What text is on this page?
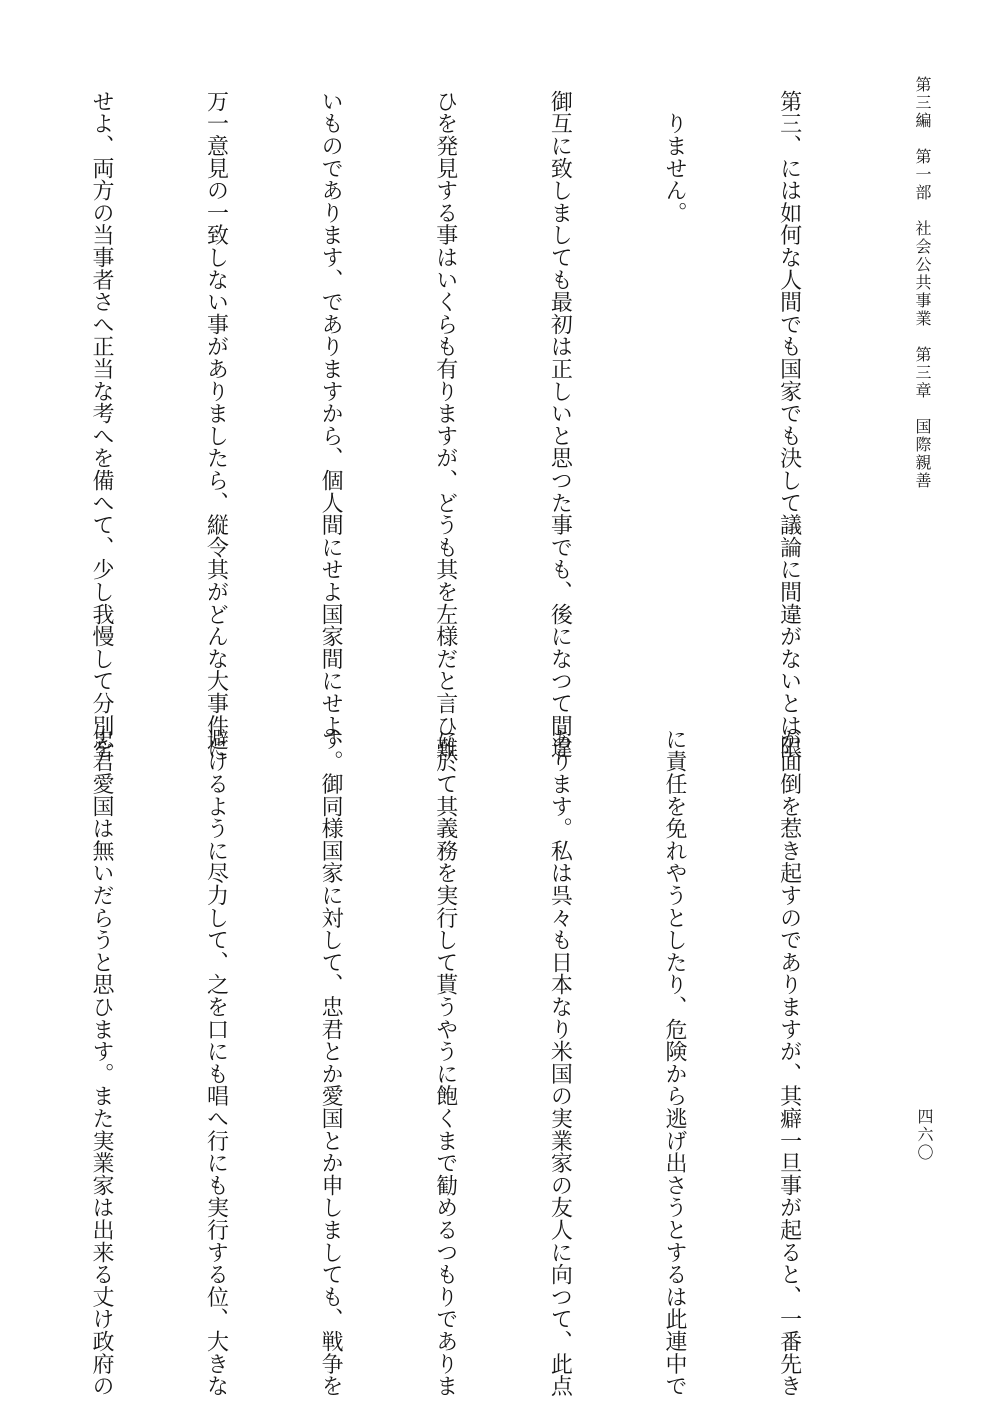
第三編　第一部　社会公共事業　第三章　国際親善
四六〇

第三、には如何な人間でも国家でも決して議論に間違がないとは限

　りません。

御互に致しましても最初は正しいと思つた事でも、後になつて間違

ひを発見する事はいくらも有りますが、どうも其を左様だと言ひ難

いものであります、でありますから、個人間にせよ国家間にせよ、

万一意見の一致しない事がありましたら、縦令其がどんな大事件に

せよ、両方の当事者さへ正当な考へを備へて、少し我慢して分別を

が面倒を惹き起すのでありますが、其癖一旦事が起ると、一番先き

に責任を免れやうとしたり、危険から逃げ出さうとするは此連中で

あります。私は呉々も日本なり米国の実業家の友人に向つて、此点

に於て其義務を実行して貰うやうに飽くまで勧めるつもりでありま

す。御同様国家に対して、忠君とか愛国とか申しましても、戦争を

避けるように尽力して、之を口にも唱へ行にも実行する位、大きな

忠君愛国は無いだらうと思ひます。また実業家は出来る丈け政府の
